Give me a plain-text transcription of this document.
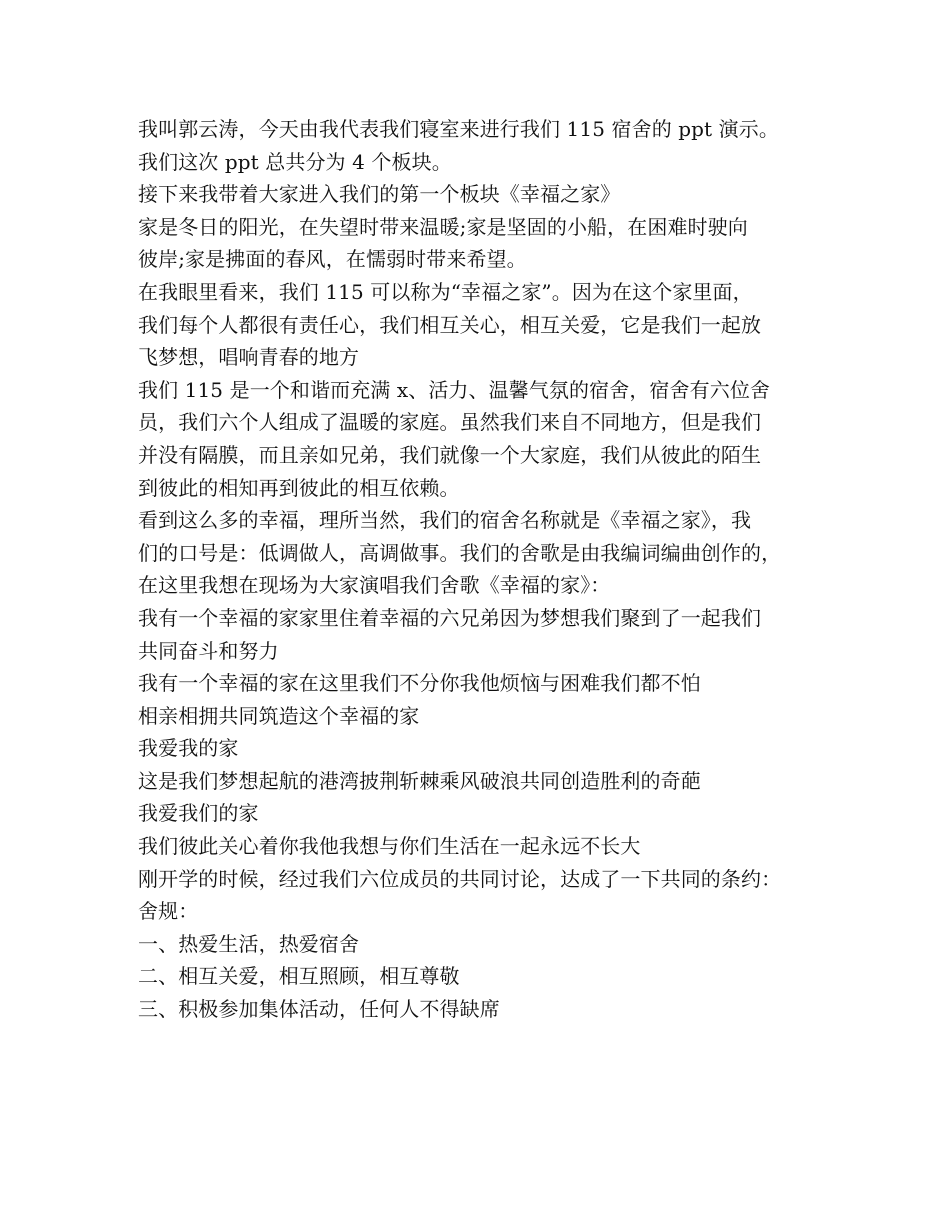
我叫郭云涛，今天由我代表我们寝室来进行我们 115 宿舍的 ppt 演示。
我们这次 ppt 总共分为 4 个板块。
接下来我带着大家进入我们的第一个板块《幸福之家》
家是冬日的阳光，在失望时带来温暖;家是坚固的小船，在困难时驶向
彼岸;家是拂面的春风，在懦弱时带来希望。
在我眼里看来，我们 115 可以称为“幸福之家”。因为在这个家里面，
我们每个人都很有责任心，我们相互关心，相互关爱，它是我们一起放
飞梦想，唱响青春的地方
我们 115 是一个和谐而充满 x、活力、温馨气氛的宿舍，宿舍有六位舍
员，我们六个人组成了温暖的家庭。虽然我们来自不同地方，但是我们
并没有隔膜，而且亲如兄弟，我们就像一个大家庭，我们从彼此的陌生
到彼此的相知再到彼此的相互依赖。
看到这么多的幸福，理所当然，我们的宿舍名称就是《幸福之家》，我
们的口号是：低调做人，高调做事。我们的舍歌是由我编词编曲创作的，
在这里我想在现场为大家演唱我们舍歌《幸福的家》：
我有一个幸福的家家里住着幸福的六兄弟因为梦想我们聚到了一起我们
共同奋斗和努力
我有一个幸福的家在这里我们不分你我他烦恼与困难我们都不怕
相亲相拥共同筑造这个幸福的家
我爱我的家
这是我们梦想起航的港湾披荆斩棘乘风破浪共同创造胜利的奇葩
我爱我们的家
我们彼此关心着你我他我想与你们生活在一起永远不长大
刚开学的时候，经过我们六位成员的共同讨论，达成了一下共同的条约：
舍规：
一、热爱生活，热爱宿舍
二、相互关爱，相互照顾，相互尊敬
三、积极参加集体活动，任何人不得缺席
